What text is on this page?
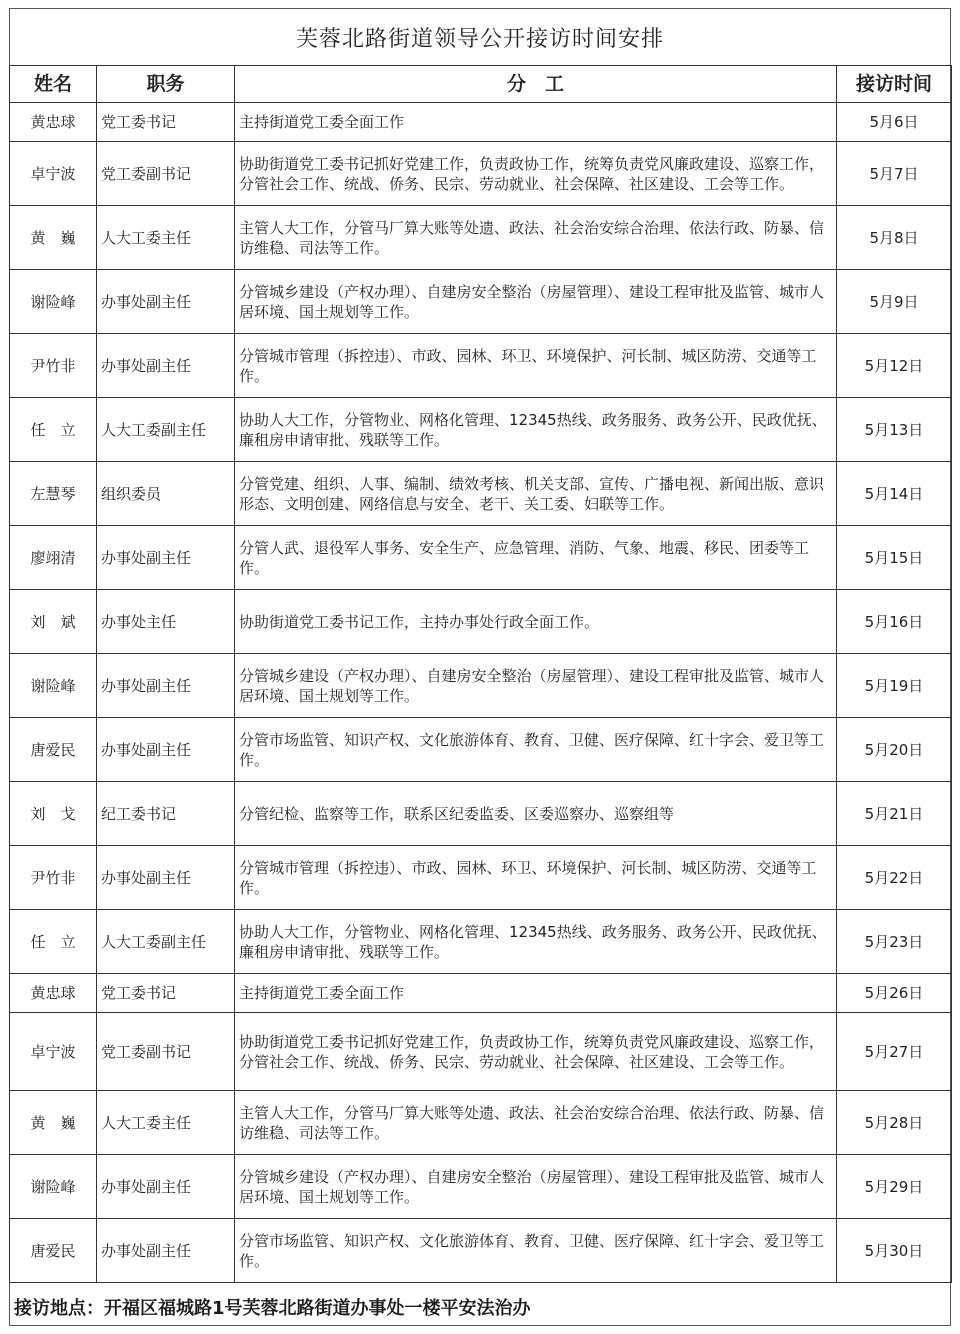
芙蓉北路街道领导公开接访时间安排
姓名	职务	分　工	接访时间
黄忠球	党工委书记	主持街道党工委全面工作	5月6日
卓宁波	党工委副书记	协助街道党工委书记抓好党建工作，负责政协工作，统筹负责党风廉政建设、巡察工作，分管社会工作、统战、侨务、民宗、劳动就业、社会保障、社区建设、工会等工作。	5月7日
黄　巍	人大工委主任	主管人大工作，分管马厂算大账等处遗、政法、社会治安综合治理、依法行政、防暴、信访维稳、司法等工作。	5月8日
谢险峰	办事处副主任	分管城乡建设（产权办理）、自建房安全整治（房屋管理）、建设工程审批及监管、城市人居环境、国土规划等工作。	5月9日
尹竹非	办事处副主任	分管城市管理（拆控违）、市政、园林、环卫、环境保护、河长制、城区防涝、交通等工作。	5月12日
任　立	人大工委副主任	协助人大工作，分管物业、网格化管理、12345热线、政务服务、政务公开、民政优抚、廉租房申请审批、残联等工作。	5月13日
左慧琴	组织委员	分管党建、组织、人事、编制、绩效考核、机关支部、宣传、广播电视、新闻出版、意识形态、文明创建、网络信息与安全、老干、关工委、妇联等工作。	5月14日
廖翊清	办事处副主任	分管人武、退役军人事务、安全生产、应急管理、消防、气象、地震、移民、团委等工作。	5月15日
刘　斌	办事处主任	协助街道党工委书记工作，主持办事处行政全面工作。	5月16日
谢险峰	办事处副主任	分管城乡建设（产权办理）、自建房安全整治（房屋管理）、建设工程审批及监管、城市人居环境、国土规划等工作。	5月19日
唐爱民	办事处副主任	分管市场监管、知识产权、文化旅游体育、教育、卫健、医疗保障、红十字会、爱卫等工作。	5月20日
刘　戈	纪工委书记	分管纪检、监察等工作，联系区纪委监委、区委巡察办、巡察组等	5月21日
尹竹非	办事处副主任	分管城市管理（拆控违）、市政、园林、环卫、环境保护、河长制、城区防涝、交通等工作。	5月22日
任　立	人大工委副主任	协助人大工作，分管物业、网格化管理、12345热线、政务服务、政务公开、民政优抚、廉租房申请审批、残联等工作。	5月23日
黄忠球	党工委书记	主持街道党工委全面工作	5月26日
卓宁波	党工委副书记	协助街道党工委书记抓好党建工作，负责政协工作，统筹负责党风廉政建设、巡察工作，分管社会工作、统战、侨务、民宗、劳动就业、社会保障、社区建设、工会等工作。	5月27日
黄　巍	人大工委主任	主管人大工作，分管马厂算大账等处遗、政法、社会治安综合治理、依法行政、防暴、信访维稳、司法等工作。	5月28日
谢险峰	办事处副主任	分管城乡建设（产权办理）、自建房安全整治（房屋管理）、建设工程审批及监管、城市人居环境、国土规划等工作。	5月29日
唐爱民	办事处副主任	分管市场监管、知识产权、文化旅游体育、教育、卫健、医疗保障、红十字会、爱卫等工作。	5月30日
接访地点：开福区福城路1号芙蓉北路街道办事处一楼平安法治办
